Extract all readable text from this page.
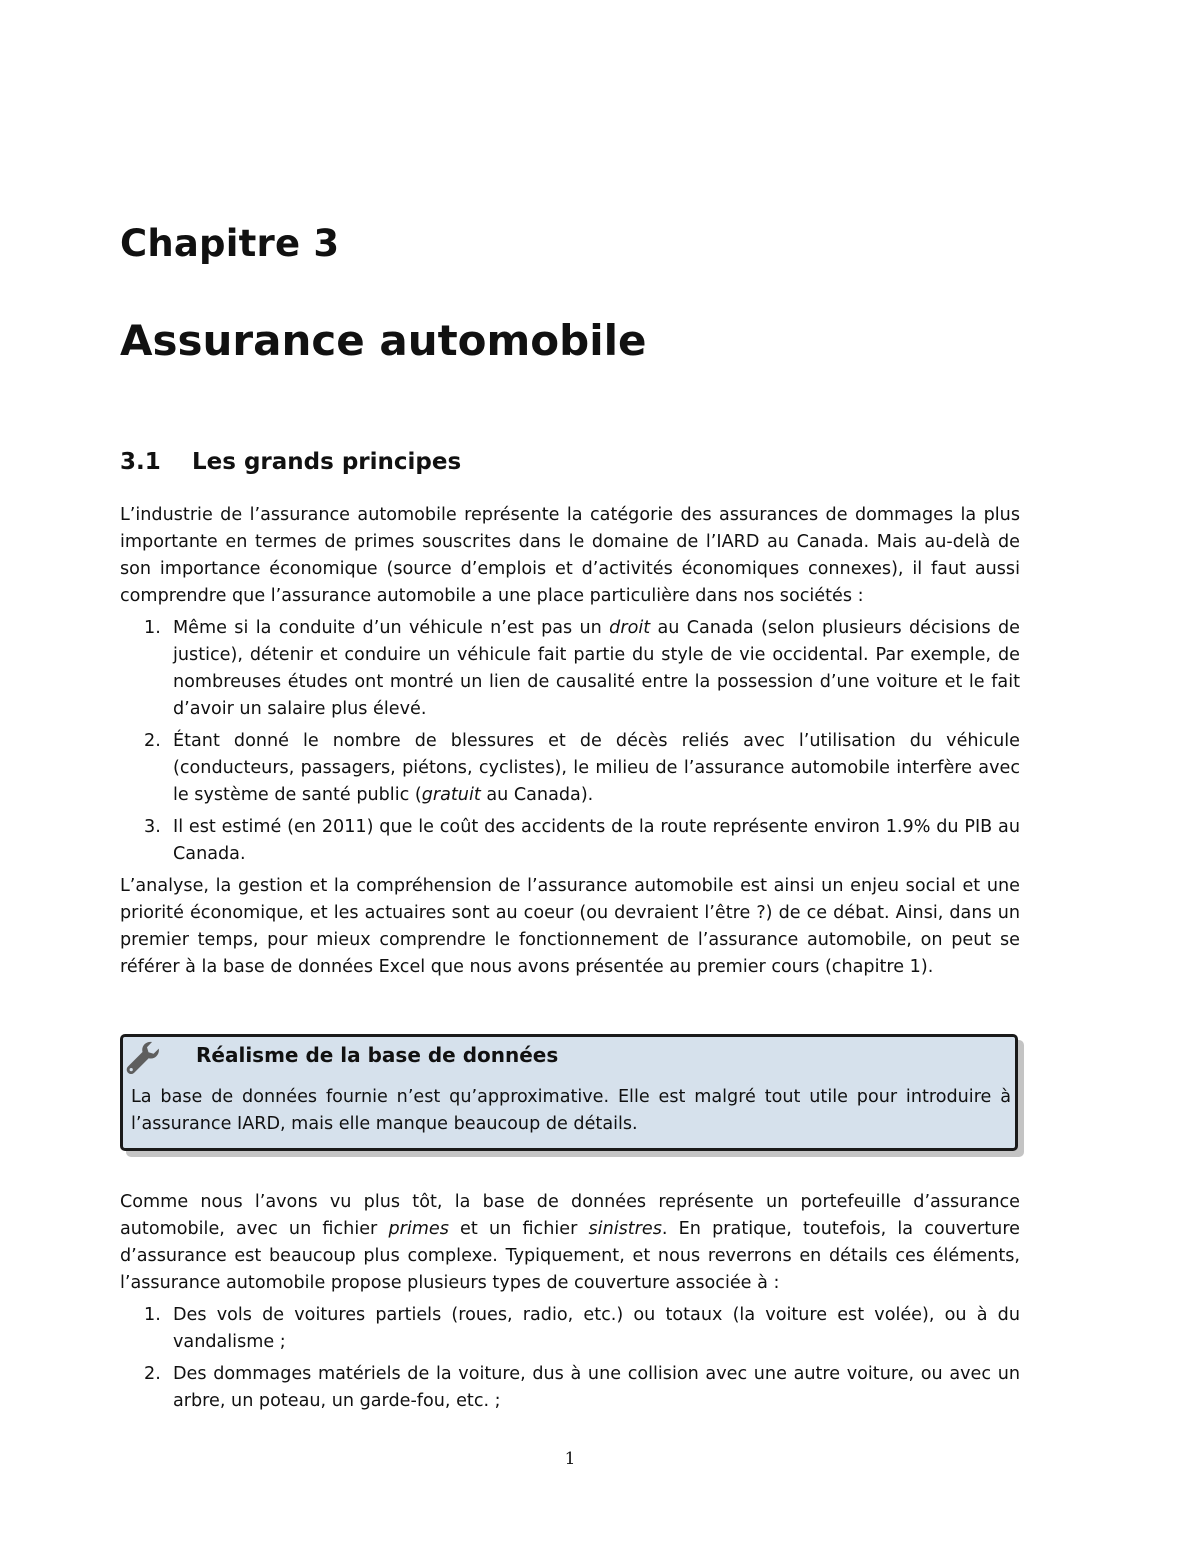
Chapitre 3
Assurance automobile
3.1 Les grands principes

L’industrie de l’assurance automobile représente la catégorie des assurances de dommages la plus importante en termes de primes souscrites dans le domaine de l’IARD au Canada. Mais au-delà de son importance économique (source d’emplois et d’activités économiques connexes), il faut aussi comprendre que l’assurance automobile a une place particulière dans nos sociétés :

1. Même si la conduite d’un véhicule n’est pas un droit au Canada (selon plusieurs décisions de justice), détenir et conduire un véhicule fait partie du style de vie occidental. Par exemple, de nombreuses études ont montré un lien de causalité entre la possession d’une voiture et le fait d’avoir un salaire plus élevé.
2. Étant donné le nombre de blessures et de décès reliés avec l’utilisation du véhicule (conducteurs, passagers, piétons, cyclistes), le milieu de l’assurance automobile interfère avec le système de santé public (gratuit au Canada).
3. Il est estimé (en 2011) que le coût des accidents de la route représente environ 1.9% du PIB au Canada.

L’analyse, la gestion et la compréhension de l’assurance automobile est ainsi un enjeu social et une priorité économique, et les actuaires sont au coeur (ou devraient l’être ?) de ce débat. Ainsi, dans un premier temps, pour mieux comprendre le fonctionnement de l’assurance automobile, on peut se référer à la base de données Excel que nous avons présentée au premier cours (chapitre 1).

Réalisme de la base de données

La base de données fournie n’est qu’approximative. Elle est malgré tout utile pour introduire à l’assurance IARD, mais elle manque beaucoup de détails.

Comme nous l’avons vu plus tôt, la base de données représente un portefeuille d’assurance automobile, avec un fichier primes et un fichier sinistres. En pratique, toutefois, la couverture d’assurance est beaucoup plus complexe. Typiquement, et nous reverrons en détails ces éléments, l’assurance automobile propose plusieurs types de couverture associée à :

1. Des vols de voitures partiels (roues, radio, etc.) ou totaux (la voiture est volée), ou à du vandalisme ;
2. Des dommages matériels de la voiture, dus à une collision avec une autre voiture, ou avec un arbre, un poteau, un garde-fou, etc. ;
1
